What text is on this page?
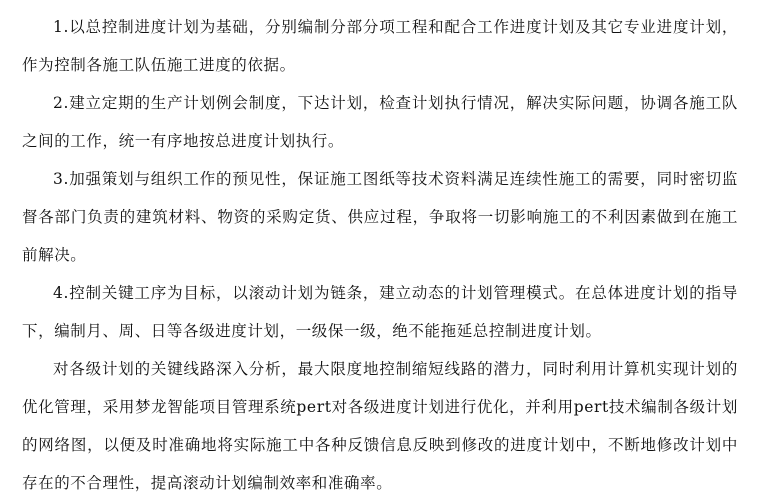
1.以总控制进度计划为基础，分别编制分部分项工程和配合工作进度计划及其它专业进度计划，作为控制各施工队伍施工进度的依据。

2.建立定期的生产计划例会制度，下达计划，检查计划执行情况，解决实际问题，协调各施工队之间的工作，统一有序地按总进度计划执行。

3.加强策划与组织工作的预见性，保证施工图纸等技术资料满足连续性施工的需要，同时密切监督各部门负责的建筑材料、物资的采购定货、供应过程，争取将一切影响施工的不利因素做到在施工前解决。

4.控制关键工序为目标，以滚动计划为链条，建立动态的计划管理模式。在总体进度计划的指导下，编制月、周、日等各级进度计划，一级保一级，绝不能拖延总控制进度计划。

对各级计划的关键线路深入分析，最大限度地控制缩短线路的潜力，同时利用计算机实现计划的优化管理，采用梦龙智能项目管理系统pert对各级进度计划进行优化，并利用pert技术编制各级计划的网络图，以便及时准确地将实际施工中各种反馈信息反映到修改的进度计划中，不断地修改计划中存在的不合理性，提高滚动计划编制效率和准确率。
